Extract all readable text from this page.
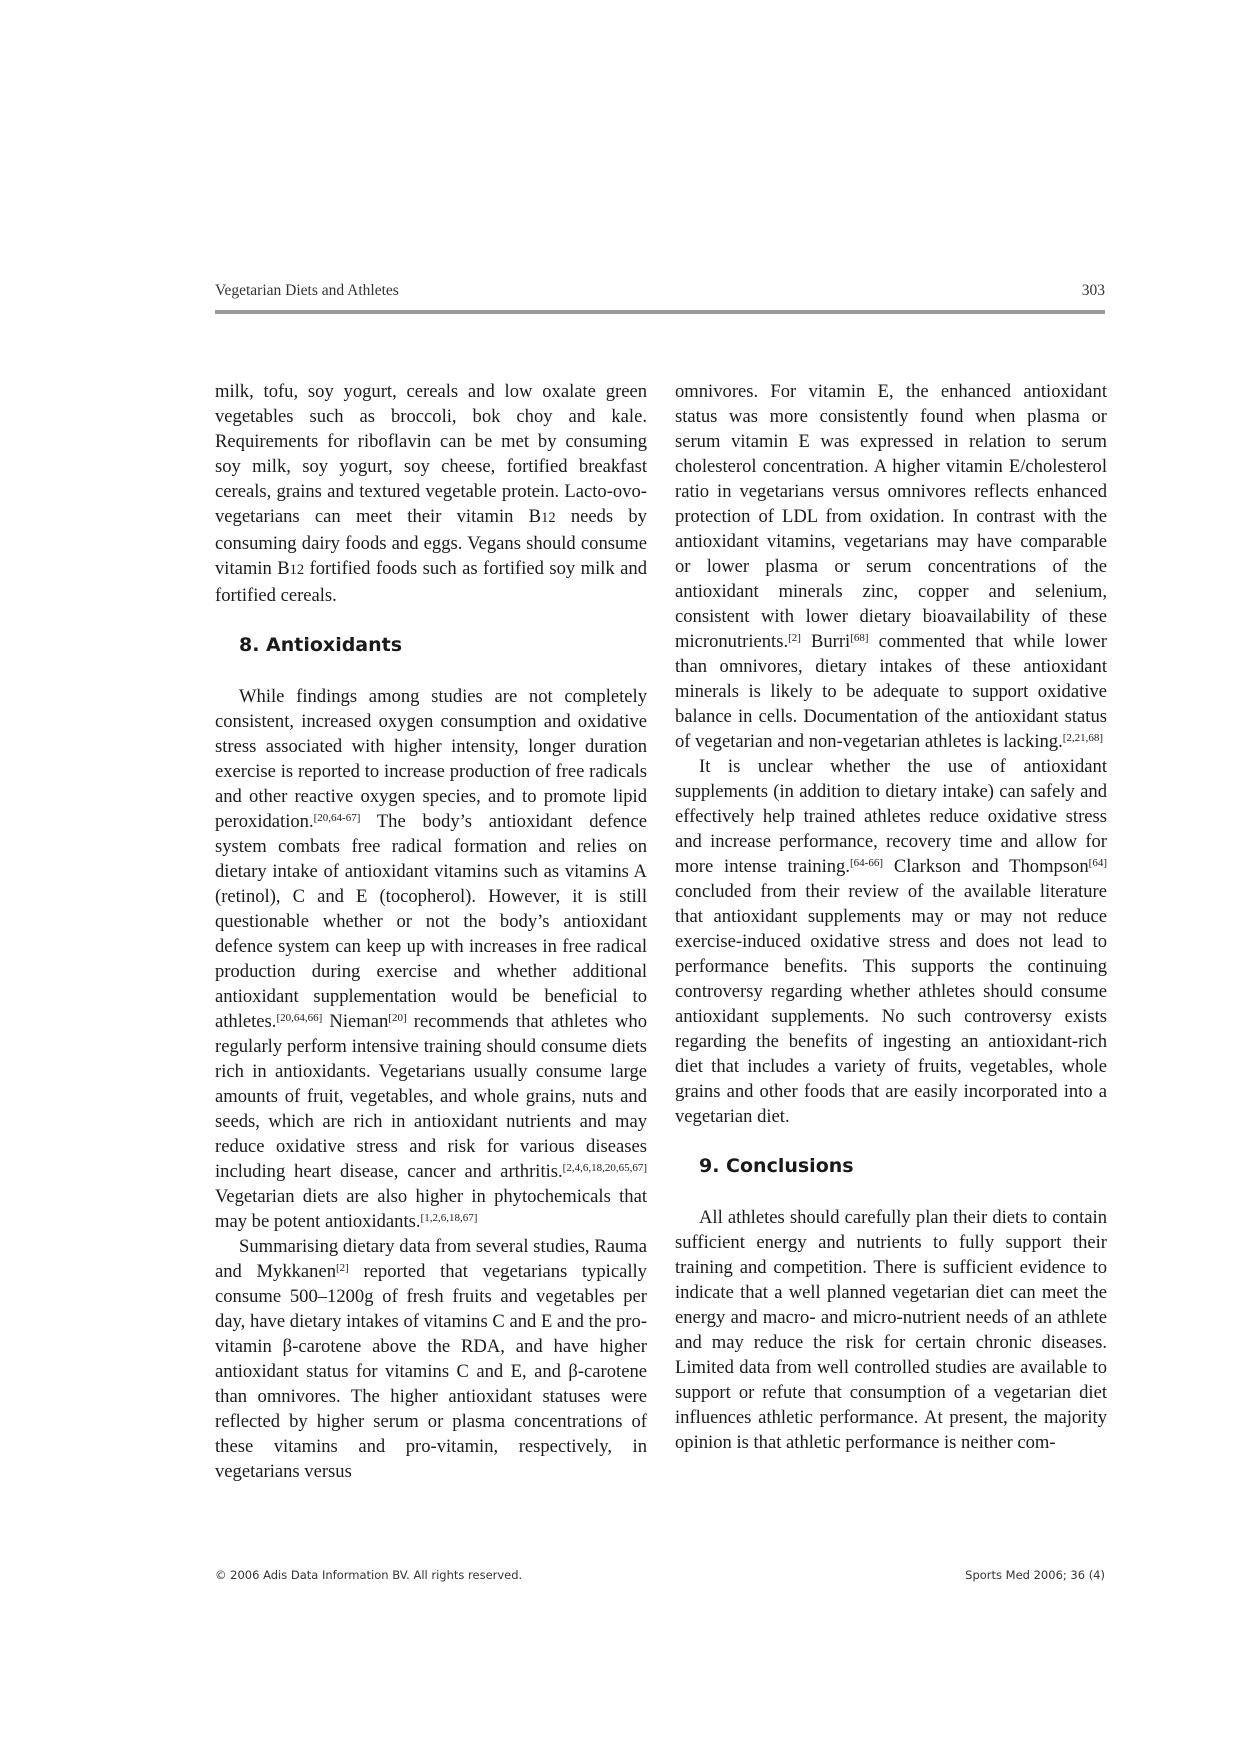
Vegetarian Diets and Athletes	303

milk, tofu, soy yogurt, cereals and low oxalate green vegetables such as broccoli, bok choy and kale. Requirements for riboflavin can be met by consuming soy milk, soy yogurt, soy cheese, fortified breakfast cereals, grains and textured vegetable protein. Lacto-ovo-vegetarians can meet their vitamin B12 needs by consuming dairy foods and eggs. Vegans should consume vitamin B12 fortified foods such as fortified soy milk and fortified cereals.

8. Antioxidants

While findings among studies are not completely consistent, increased oxygen consumption and oxidative stress associated with higher intensity, longer duration exercise is reported to increase production of free radicals and other reactive oxygen species, and to promote lipid peroxidation.[20,64-67] The body’s antioxidant defence system combats free radical formation and relies on dietary intake of antioxidant vitamins such as vitamins A (retinol), C and E (tocopherol). However, it is still questionable whether or not the body’s antioxidant defence system can keep up with increases in free radical production during exercise and whether additional antioxidant supplementation would be beneficial to athletes.[20,64,66] Nieman[20] recommends that athletes who regularly perform intensive training should consume diets rich in antioxidants. Vegetarians usually consume large amounts of fruit, vegetables, and whole grains, nuts and seeds, which are rich in antioxidant nutrients and may reduce oxidative stress and risk for various diseases including heart disease, cancer and arthritis.[2,4,6,18,20,65,67] Vegetarian diets are also higher in phytochemicals that may be potent antioxidants.[1,2,6,18,67]

Summarising dietary data from several studies, Rauma and Mykkanen[2] reported that vegetarians typically consume 500–1200g of fresh fruits and vegetables per day, have dietary intakes of vitamins C and E and the pro-vitamin β-carotene above the RDA, and have higher antioxidant status for vitamins C and E, and β-carotene than omnivores. The higher antioxidant statuses were reflected by higher serum or plasma concentrations of these vitamins and pro-vitamin, respectively, in vegetarians versus

omnivores. For vitamin E, the enhanced antioxidant status was more consistently found when plasma or serum vitamin E was expressed in relation to serum cholesterol concentration. A higher vitamin E/cholesterol ratio in vegetarians versus omnivores reflects enhanced protection of LDL from oxidation. In contrast with the antioxidant vitamins, vegetarians may have comparable or lower plasma or serum concentrations of the antioxidant minerals zinc, copper and selenium, consistent with lower dietary bioavailability of these micronutrients.[2] Burri[68] commented that while lower than omnivores, dietary intakes of these antioxidant minerals is likely to be adequate to support oxidative balance in cells. Documentation of the antioxidant status of vegetarian and non-vegetarian athletes is lacking.[2,21,68]

It is unclear whether the use of antioxidant supplements (in addition to dietary intake) can safely and effectively help trained athletes reduce oxidative stress and increase performance, recovery time and allow for more intense training.[64-66] Clarkson and Thompson[64] concluded from their review of the available literature that antioxidant supplements may or may not reduce exercise-induced oxidative stress and does not lead to performance benefits. This supports the continuing controversy regarding whether athletes should consume antioxidant supplements. No such controversy exists regarding the benefits of ingesting an antioxidant-rich diet that includes a variety of fruits, vegetables, whole grains and other foods that are easily incorporated into a vegetarian diet.

9. Conclusions

All athletes should carefully plan their diets to contain sufficient energy and nutrients to fully support their training and competition. There is sufficient evidence to indicate that a well planned vegetarian diet can meet the energy and macro- and micro-nutrient needs of an athlete and may reduce the risk for certain chronic diseases. Limited data from well controlled studies are available to support or refute that consumption of a vegetarian diet influences athletic performance. At present, the majority opinion is that athletic performance is neither com-

© 2006 Adis Data Information BV. All rights reserved.	Sports Med 2006; 36 (4)
